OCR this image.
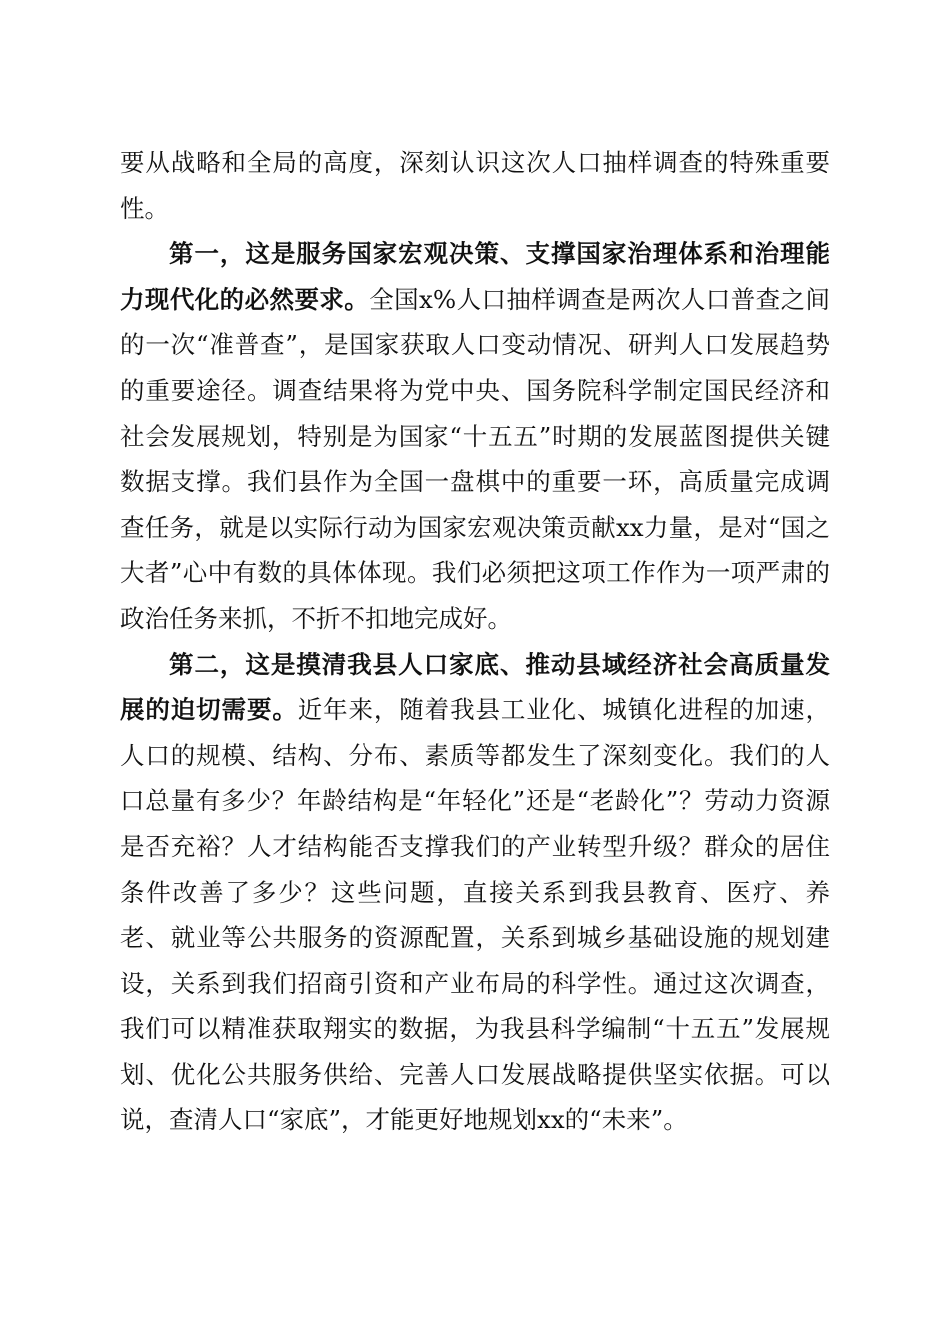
要从战略和全局的高度，深刻认识这次人口抽样调查的特殊重要性。

第一，这是服务国家宏观决策、支撑国家治理体系和治理能力现代化的必然要求。全国x%人口抽样调查是两次人口普查之间的一次“准普查”，是国家获取人口变动情况、研判人口发展趋势的重要途径。调查结果将为党中央、国务院科学制定国民经济和社会发展规划，特别是为国家“十五五”时期的发展蓝图提供关键数据支撑。我们县作为全国一盘棋中的重要一环，高质量完成调查任务，就是以实际行动为国家宏观决策贡献xx力量，是对“国之大者”心中有数的具体体现。我们必须把这项工作作为一项严肃的政治任务来抓，不折不扣地完成好。

第二，这是摸清我县人口家底、推动县域经济社会高质量发展的迫切需要。近年来，随着我县工业化、城镇化进程的加速，人口的规模、结构、分布、素质等都发生了深刻变化。我们的人口总量有多少？年龄结构是“年轻化”还是“老龄化”？劳动力资源是否充裕？人才结构能否支撑我们的产业转型升级？群众的居住条件改善了多少？这些问题，直接关系到我县教育、医疗、养老、就业等公共服务的资源配置，关系到城乡基础设施的规划建设，关系到我们招商引资和产业布局的科学性。通过这次调查，我们可以精准获取翔实的数据，为我县科学编制“十五五”发展规划、优化公共服务供给、完善人口发展战略提供坚实依据。可以说，查清人口“家底”，才能更好地规划xx的“未来”。
